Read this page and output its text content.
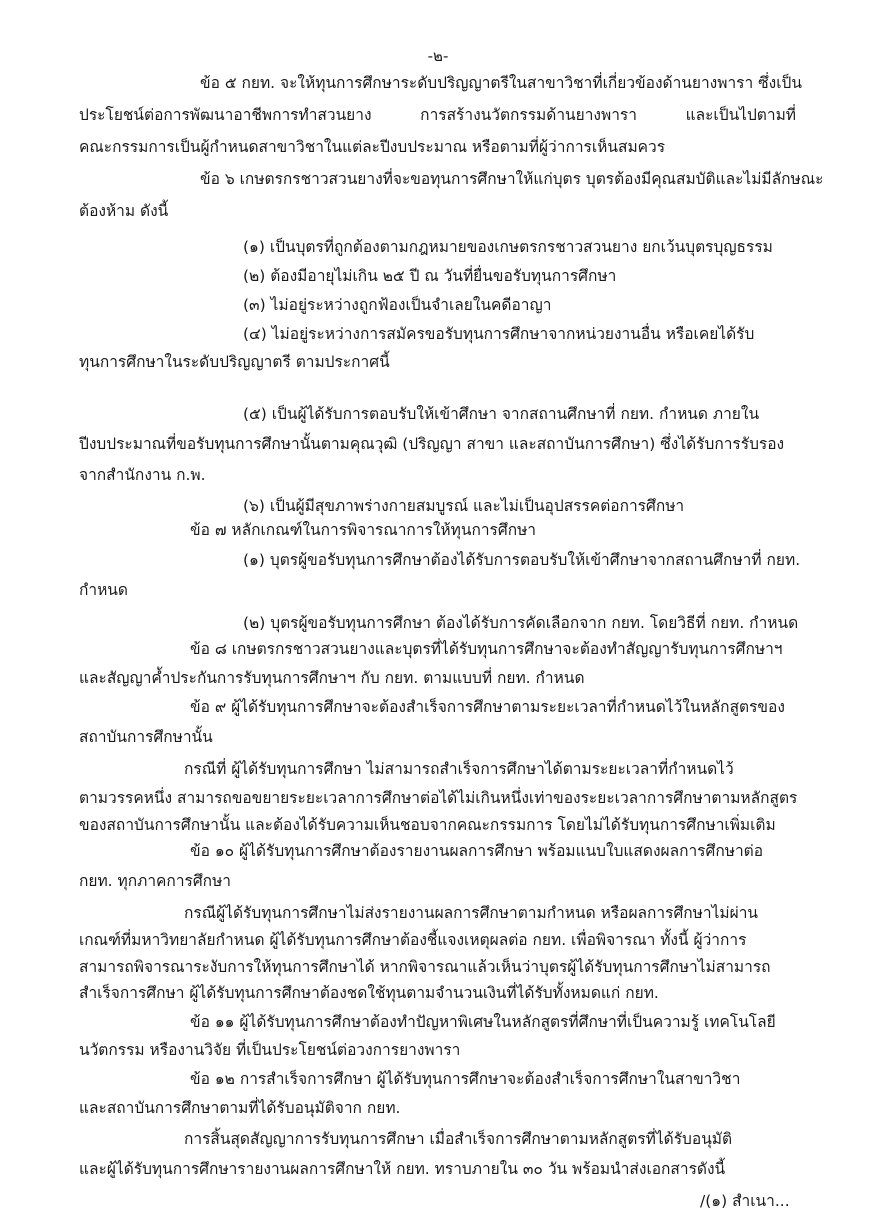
-๒-
ข้อ ๕ กยท. จะให้ทุนการศึกษาระดับปริญญาตรีในสาขาวิชาที่เกี่ยวข้องด้านยางพารา ซึ่งเป็น
ประโยชน์ต่อการพัฒนาอาชีพการทำสวนยาง การสร้างนวัตกรรมด้านยางพารา และเป็นไปตามที่
คณะกรรมการเป็นผู้กำหนดสาขาวิชาในแต่ละปีงบประมาณ หรือตามที่ผู้ว่าการเห็นสมควร
ข้อ ๖ เกษตรกรชาวสวนยางที่จะขอทุนการศึกษาให้แก่บุตร บุตรต้องมีคุณสมบัติและไม่มีลักษณะ
ต้องห้าม ดังนี้
(๑) เป็นบุตรที่ถูกต้องตามกฎหมายของเกษตรกรชาวสวนยาง ยกเว้นบุตรบุญธรรม
(๒) ต้องมีอายุไม่เกิน ๒๕ ปี ณ วันที่ยื่นขอรับทุนการศึกษา
(๓) ไม่อยู่ระหว่างถูกฟ้องเป็นจำเลยในคดีอาญา
(๔) ไม่อยู่ระหว่างการสมัครขอรับทุนการศึกษาจากหน่วยงานอื่น หรือเคยได้รับ
ทุนการศึกษาในระดับปริญญาตรี ตามประกาศนี้
(๕) เป็นผู้ได้รับการตอบรับให้เข้าศึกษา จากสถานศึกษาที่ กยท. กำหนด ภายใน
ปีงบประมาณที่ขอรับทุนการศึกษานั้นตามคุณวุฒิ (ปริญญา สาขา และสถาบันการศึกษา) ซึ่งได้รับการรับรอง
จากสำนักงาน ก.พ.
(๖) เป็นผู้มีสุขภาพร่างกายสมบูรณ์ และไม่เป็นอุปสรรคต่อการศึกษา
ข้อ ๗ หลักเกณฑ์ในการพิจารณาการให้ทุนการศึกษา
(๑) บุตรผู้ขอรับทุนการศึกษาต้องได้รับการตอบรับให้เข้าศึกษาจากสถานศึกษาที่ กยท.
กำหนด
(๒) บุตรผู้ขอรับทุนการศึกษา ต้องได้รับการคัดเลือกจาก กยท. โดยวิธีที่ กยท. กำหนด
ข้อ ๘ เกษตรกรชาวสวนยางและบุตรที่ได้รับทุนการศึกษาจะต้องทำสัญญารับทุนการศึกษาฯ
และสัญญาค้ำประกันการรับทุนการศึกษาฯ กับ กยท. ตามแบบที่ กยท. กำหนด
ข้อ ๙ ผู้ได้รับทุนการศึกษาจะต้องสำเร็จการศึกษาตามระยะเวลาที่กำหนดไว้ในหลักสูตรของ
สถาบันการศึกษานั้น
กรณีที่ ผู้ได้รับทุนการศึกษา ไม่สามารถสำเร็จการศึกษาได้ตามระยะเวลาที่กำหนดไว้
ตามวรรคหนึ่ง สามารถขอขยายระยะเวลาการศึกษาต่อได้ไม่เกินหนึ่งเท่าของระยะเวลาการศึกษาตามหลักสูตร
ของสถาบันการศึกษานั้น และต้องได้รับความเห็นชอบจากคณะกรรมการ โดยไม่ได้รับทุนการศึกษาเพิ่มเติม
ข้อ ๑๐ ผู้ได้รับทุนการศึกษาต้องรายงานผลการศึกษา พร้อมแนบใบแสดงผลการศึกษาต่อ
กยท. ทุกภาคการศึกษา
กรณีผู้ได้รับทุนการศึกษาไม่ส่งรายงานผลการศึกษาตามกำหนด หรือผลการศึกษาไม่ผ่าน
เกณฑ์ที่มหาวิทยาลัยกำหนด ผู้ได้รับทุนการศึกษาต้องชี้แจงเหตุผลต่อ กยท. เพื่อพิจารณา ทั้งนี้ ผู้ว่าการ
สามารถพิจารณาระงับการให้ทุนการศึกษาได้ หากพิจารณาแล้วเห็นว่าบุตรผู้ได้รับทุนการศึกษาไม่สามารถ
สำเร็จการศึกษา ผู้ได้รับทุนการศึกษาต้องชดใช้ทุนตามจำนวนเงินที่ได้รับทั้งหมดแก่ กยท.
ข้อ ๑๑ ผู้ได้รับทุนการศึกษาต้องทำปัญหาพิเศษในหลักสูตรที่ศึกษาที่เป็นความรู้ เทคโนโลยี
นวัตกรรม หรืองานวิจัย ที่เป็นประโยชน์ต่อวงการยางพารา
ข้อ ๑๒ การสำเร็จการศึกษา ผู้ได้รับทุนการศึกษาจะต้องสำเร็จการศึกษาในสาขาวิชา
และสถาบันการศึกษาตามที่ได้รับอนุมัติจาก กยท.
การสิ้นสุดสัญญาการรับทุนการศึกษา เมื่อสำเร็จการศึกษาตามหลักสูตรที่ได้รับอนุมัติ
และผู้ได้รับทุนการศึกษารายงานผลการศึกษาให้ กยท. ทราบภายใน ๓๐ วัน พร้อมนำส่งเอกสารดังนี้
/(๑) สำเนา...
